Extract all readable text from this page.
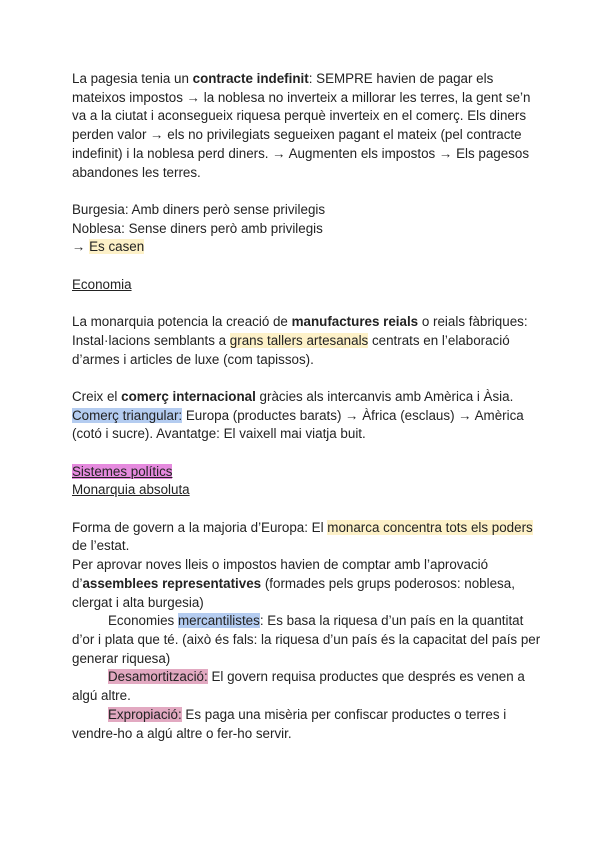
La pagesia tenia un contracte indefinit: SEMPRE havien de pagar els mateixos impostos → la noblesa no inverteix a millorar les terres, la gent se’n va a la ciutat i aconsegueix riquesa perquè inverteix en el comerç. Els diners perden valor → els no privilegiats segueixen pagant el mateix (pel contracte indefinit) i la noblesa perd diners. → Augmenten els impostos → Els pagesos abandones les terres.

Burgesia: Amb diners però sense privilegis

Noblesa: Sense diners però amb privilegis

→ Es casen

Economia

La monarquia potencia la creació de manufactures reials o reials fàbriques: Instal·lacions semblants a grans tallers artesanals centrats en l’elaboració d’armes i articles de luxe (com tapissos).

Creix el comerç internacional gràcies als intercanvis amb Amèrica i Àsia.

Comerç triangular: Europa (productes barats) → Àfrica (esclaus) → Amèrica (cotó i sucre). Avantatge: El vaixell mai viatja buit.

Sistemes polítics

Monarquia absoluta

Forma de govern a la majoria d’Europa: El monarca concentra tots els poders de l’estat.

Per aprovar noves lleis o impostos havien de comptar amb l’aprovació d’assemblees representatives (formades pels grups poderosos: noblesa, clergat i alta burgesia)

Economies mercantilistes: Es basa la riquesa d’un país en la quantitat d’or i plata que té. (això és fals: la riquesa d’un país és la capacitat del país per generar riquesa)

Desamortització: El govern requisa productes que després es venen a algú altre.

Expropiació: Es paga una misèria per confiscar productes o terres i vendre-ho a algú altre o fer-ho servir.
